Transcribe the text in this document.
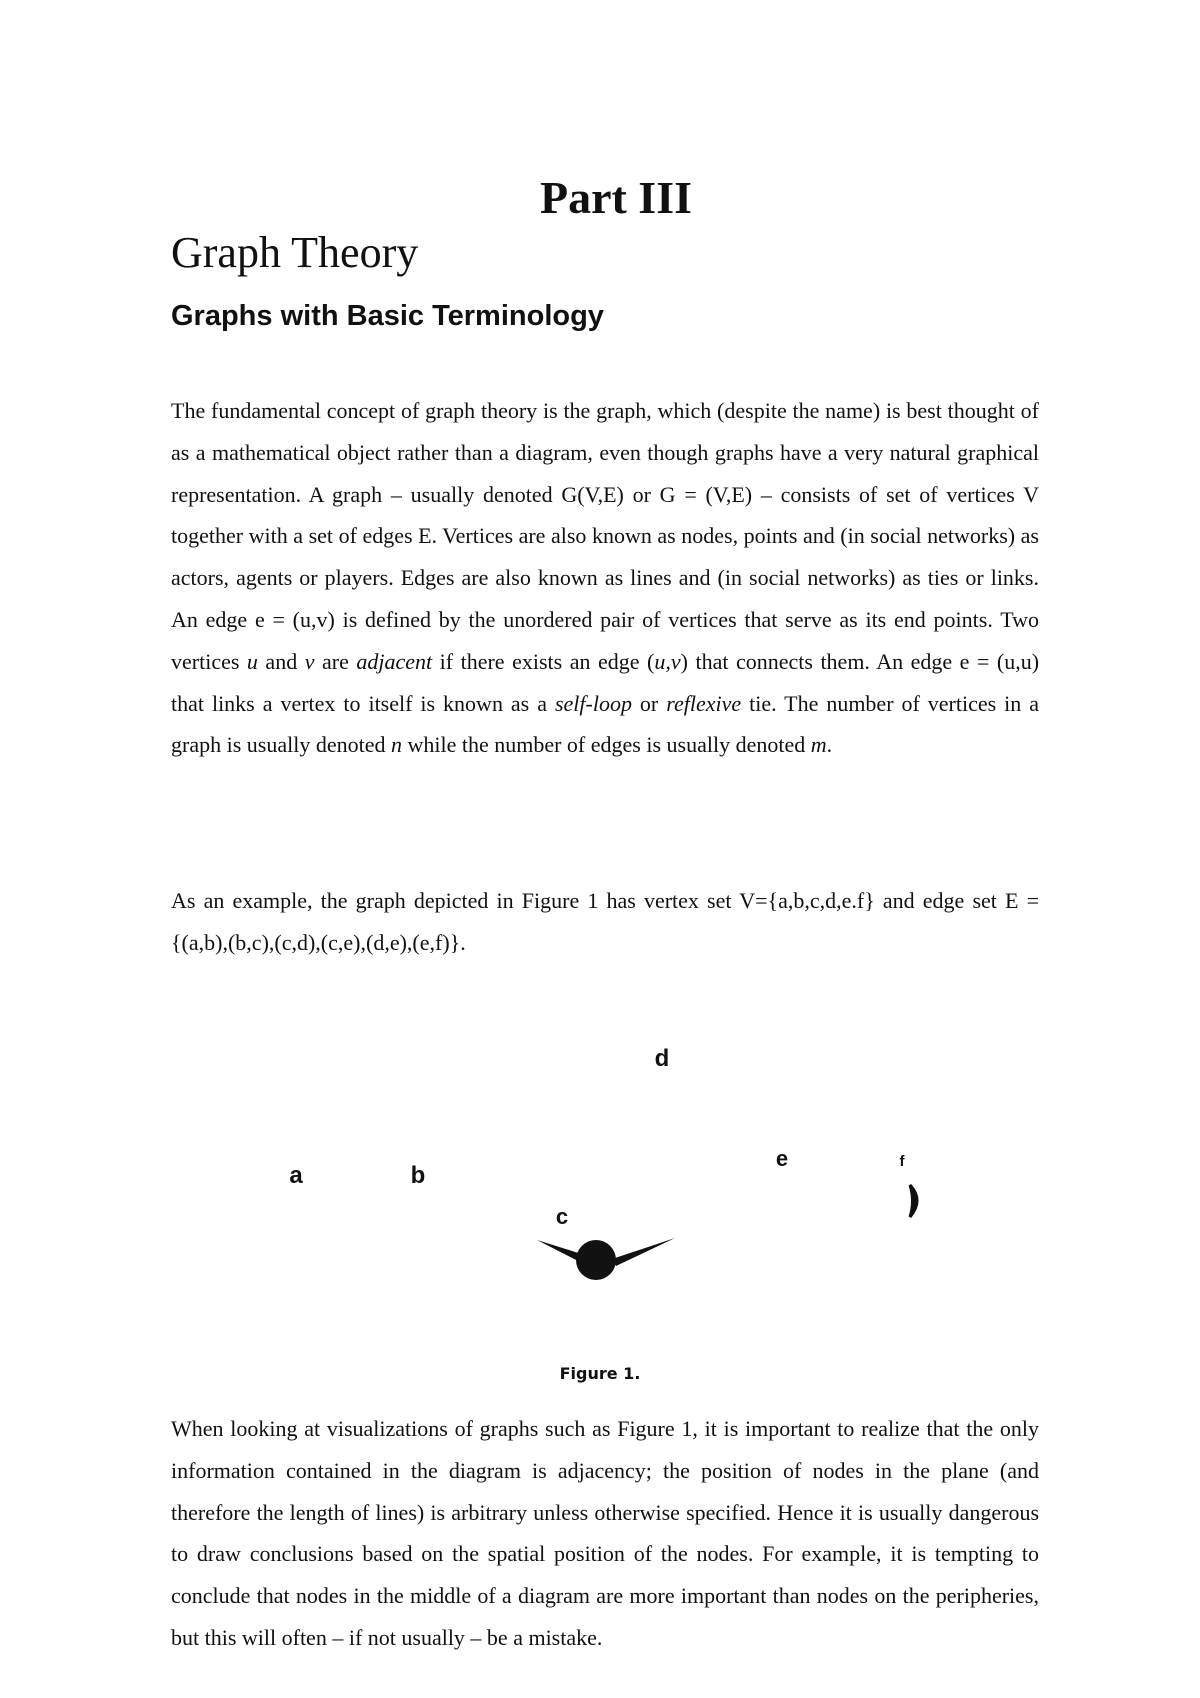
Part III
Graph Theory
Graphs with Basic Terminology

The fundamental concept of graph theory is the graph, which (despite the name) is best thought of as a mathematical object rather than a diagram, even though graphs have a very natural graphical representation. A graph – usually denoted G(V,E) or G = (V,E) – consists of set of vertices V together with a set of edges E. Vertices are also known as nodes, points and (in social networks) as actors, agents or players. Edges are also known as lines and (in social networks) as ties or links. An edge e = (u,v) is defined by the unordered pair of vertices that serve as its end points. Two vertices u and v are adjacent if there exists an edge (u,v) that connects them. An edge e = (u,u) that links a vertex to itself is known as a self-loop or reflexive tie. The number of vertices in a graph is usually denoted n while the number of edges is usually denoted m.

As an example, the graph depicted in Figure 1 has vertex set V={a,b,c,d,e.f} and edge set E = {(a,b),(b,c),(c,d),(c,e),(d,e),(e,f)}.

d
a	b
c
e	f

Figure 1.

When looking at visualizations of graphs such as Figure 1, it is important to realize that the only information contained in the diagram is adjacency; the position of nodes in the plane (and therefore the length of lines) is arbitrary unless otherwise specified. Hence it is usually dangerous to draw conclusions based on the spatial position of the nodes. For example, it is tempting to conclude that nodes in the middle of a diagram are more important than nodes on the peripheries, but this will often – if not usually – be a mistake.
